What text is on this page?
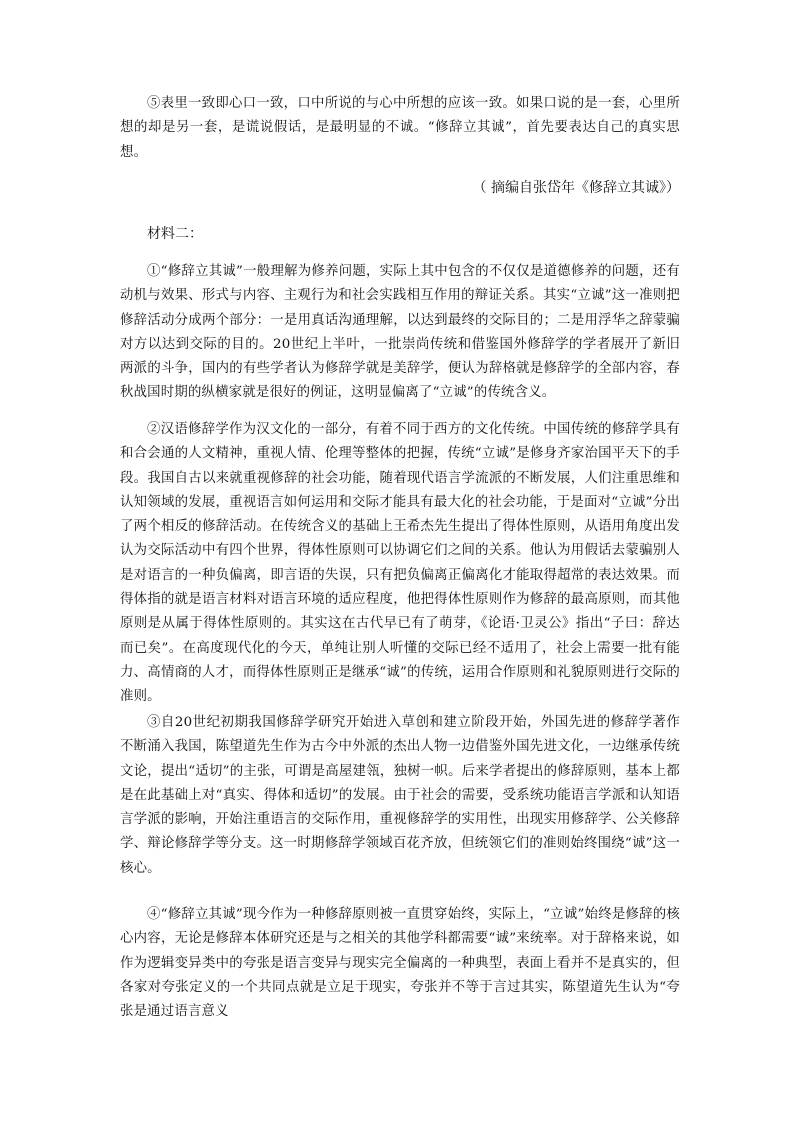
⑤表里一致即心口一致，口中所说的与心中所想的应该一致。如果口说的是一套，心里所想的却是另一套，是谎说假话，是最明显的不诚。“修辞立其诚”，首先要表达自己的真实思想。

（ 摘编自张岱年《修辞立其诚》）
材料二：

①“修辞立其诚”一般理解为修养问题，实际上其中包含的不仅仅是道德修养的问题，还有动机与效果、形式与内容、主观行为和社会实践相互作用的辩证关系。其实“立诚”这一准则把修辞活动分成两个部分：一是用真话沟通理解，以达到最终的交际目的；二是用浮华之辞蒙骗对方以达到交际的目的。20世纪上半叶，一批崇尚传统和借鉴国外修辞学的学者展开了新旧两派的斗争，国内的有些学者认为修辞学就是美辞学，便认为辞格就是修辞学的全部内容，春秋战国时期的纵横家就是很好的例证，这明显偏离了“立诚”的传统含义。

②汉语修辞学作为汉文化的一部分，有着不同于西方的文化传统。中国传统的修辞学具有和合会通的人文精神，重视人情、伦理等整体的把握，传统“立诚”是修身齐家治国平天下的手段。我国自古以来就重视修辞的社会功能，随着现代语言学流派的不断发展，人们注重思维和认知领域的发展，重视语言如何运用和交际才能具有最大化的社会功能，于是面对“立诚”分出了两个相反的修辞活动。在传统含义的基础上王希杰先生提出了得体性原则，从语用角度出发认为交际活动中有四个世界，得体性原则可以协调它们之间的关系。他认为用假话去蒙骗别人是对语言的一种负偏离，即言语的失误，只有把负偏离正偏离化才能取得超常的表达效果。而得体指的就是语言材料对语言环境的适应程度，他把得体性原则作为修辞的最高原则，而其他原则是从属于得体性原则的。其实这在古代早已有了萌芽，《论语·卫灵公》指出“子曰：辞达而已矣”。在高度现代化的今天，单纯让别人听懂的交际已经不适用了，社会上需要一批有能力、高情商的人才，而得体性原则正是继承“诚”的传统，运用合作原则和礼貌原则进行交际的准则。

③自20世纪初期我国修辞学研究开始进入草创和建立阶段开始，外国先进的修辞学著作不断涌入我国，陈望道先生作为古今中外派的杰出人物一边借鉴外国先进文化，一边继承传统文论，提出“适切”的主张，可谓是高屋建瓴，独树一帜。后来学者提出的修辞原则，基本上都是在此基础上对“真实、得体和适切”的发展。由于社会的需要，受系统功能语言学派和认知语言学派的影响，开始注重语言的交际作用，重视修辞学的实用性，出现实用修辞学、公关修辞学、辩论修辞学等分支。这一时期修辞学领域百花齐放，但统领它们的准则始终围绕“诚”这一核心。

④“修辞立其诚”现今作为一种修辞原则被一直贯穿始终，实际上，“立诚”始终是修辞的核心内容，无论是修辞本体研究还是与之相关的其他学科都需要“诚”来统率。对于辞格来说，如作为逻辑变异类中的夸张是语言变异与现实完全偏离的一种典型，表面上看并不是真实的，但各家对夸张定义的一个共同点就是立足于现实，夸张并不等于言过其实，陈望道先生认为“夸张是通过语言意义
